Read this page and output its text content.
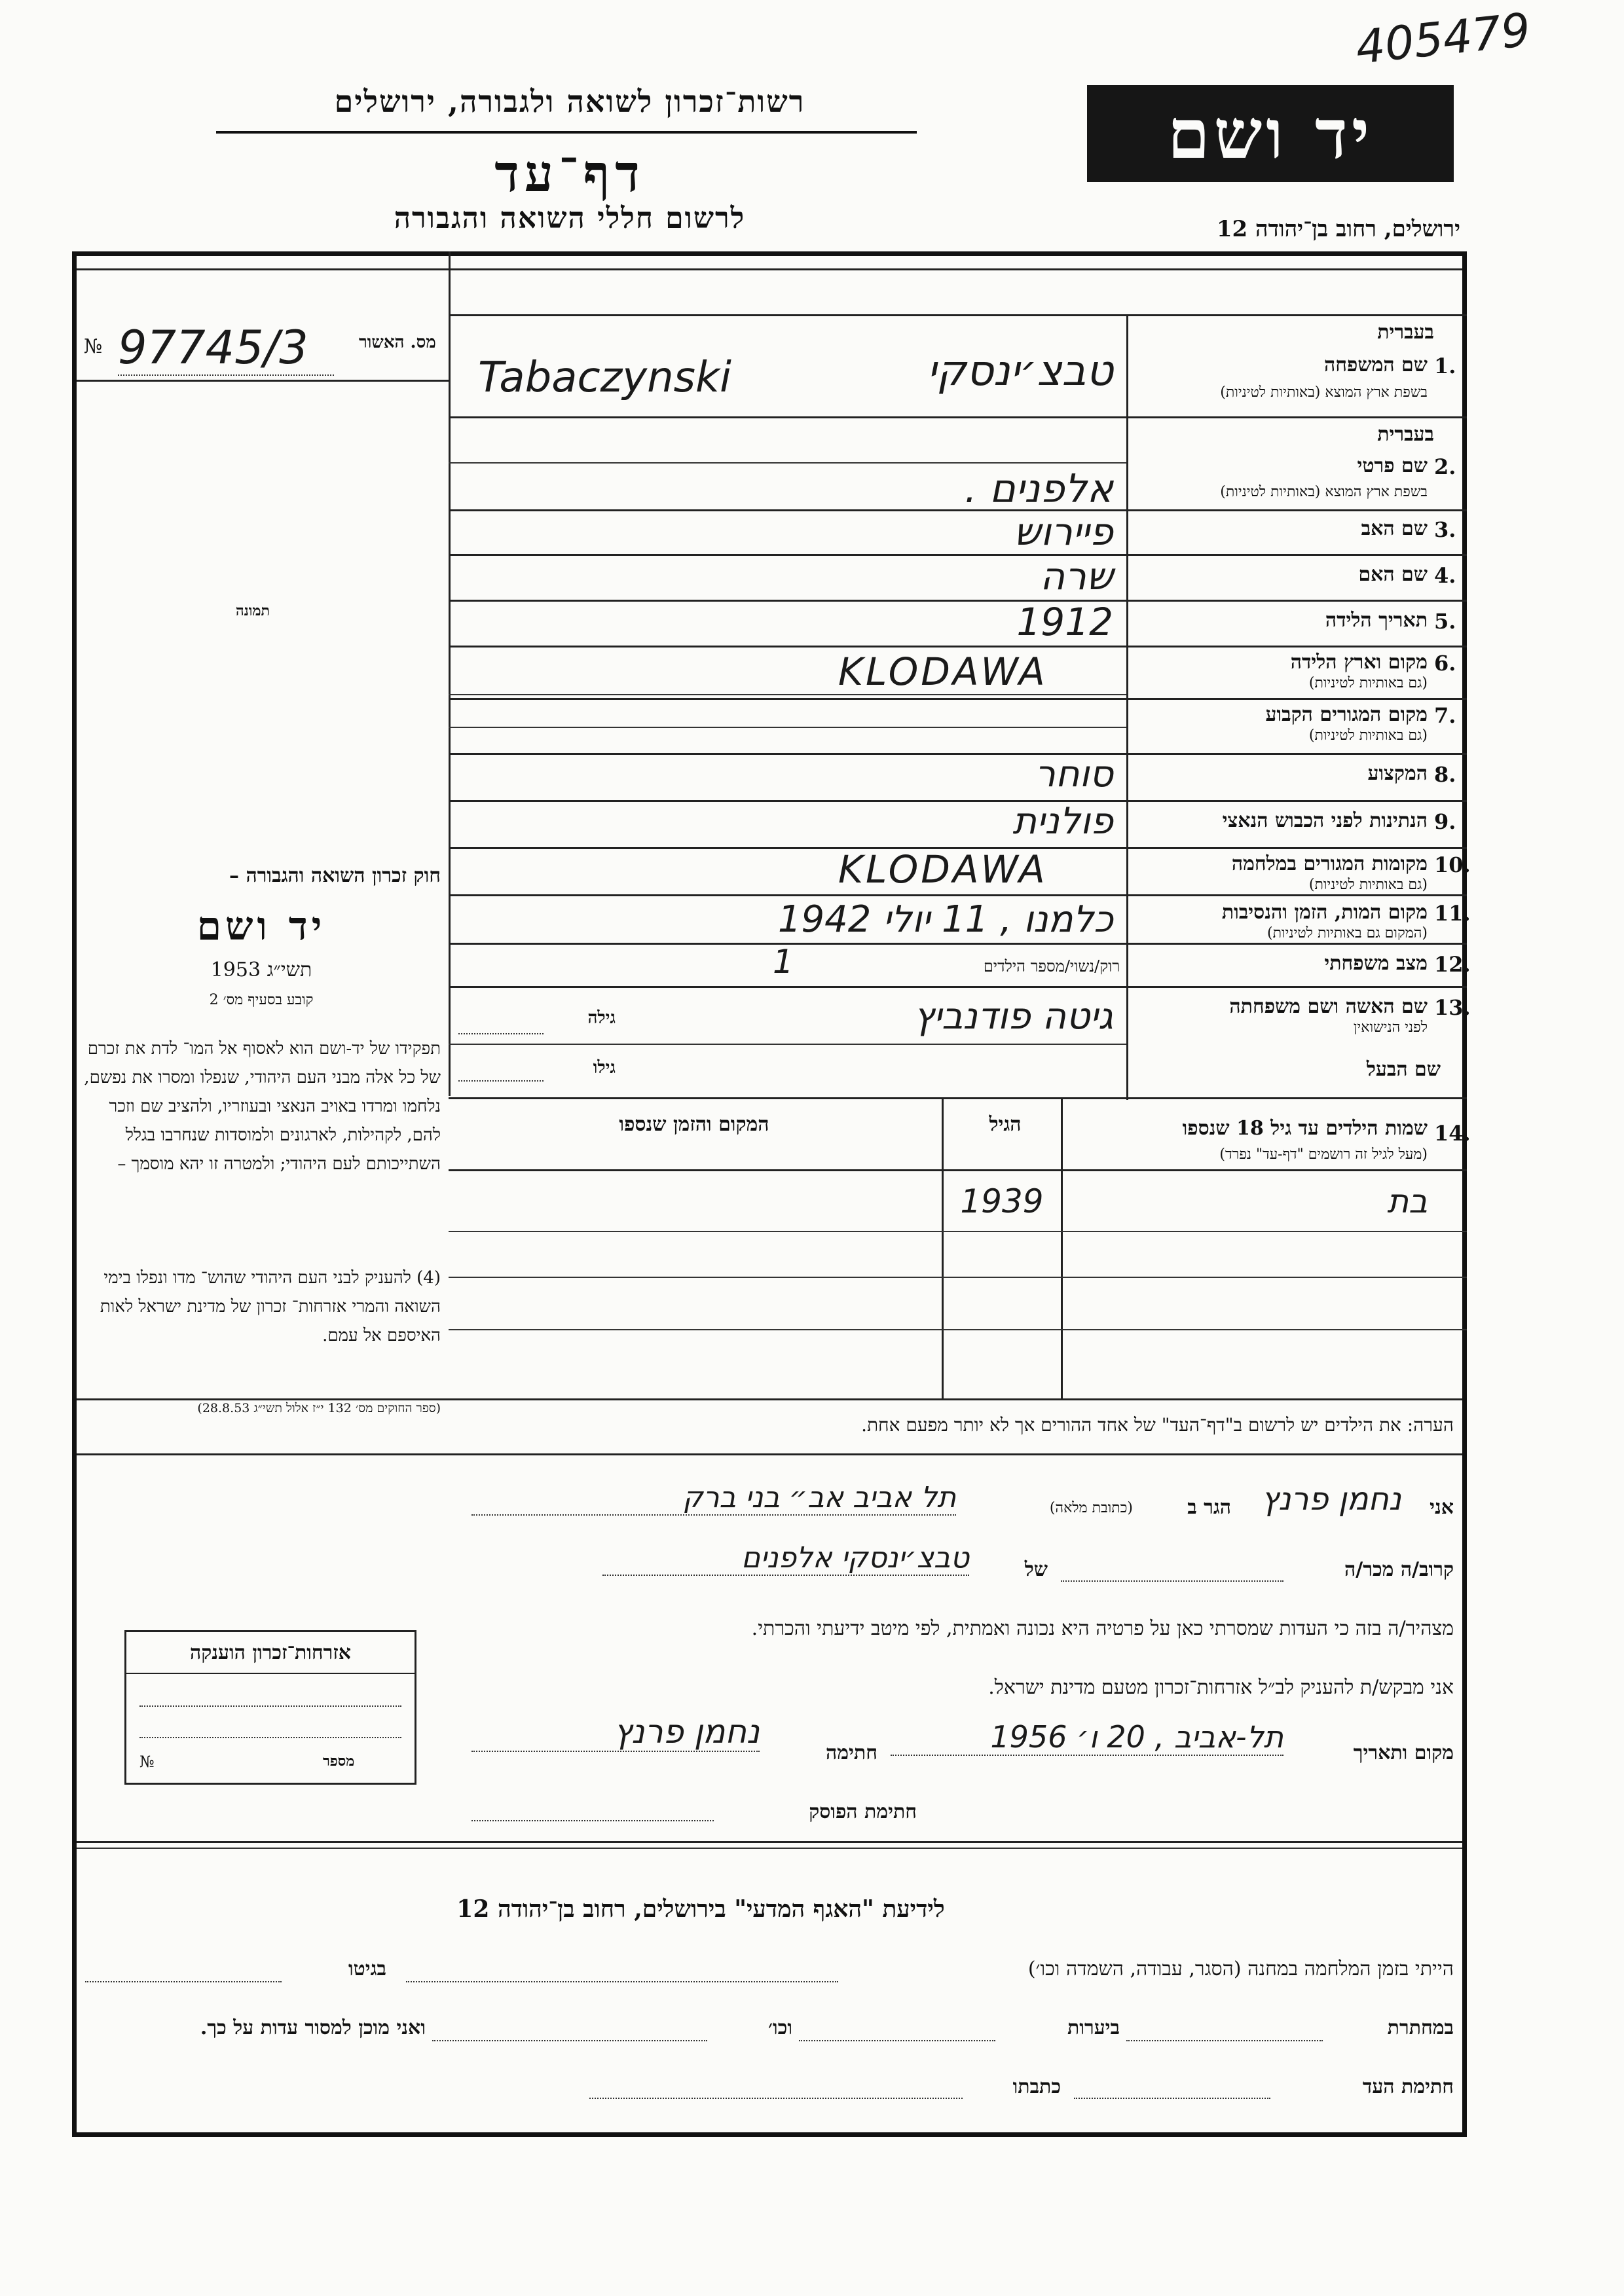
405479
רשות־זכרון לשואה ולגבורה, ירושלים
דף־עד
לרשום חללי השואה והגבורה
יד ושם
ירושלים, רחוב בן־יהודה 12
מס. האשור
№ 97745/3
תמונה
חוק זכרון השואה והגבורה –
יד ושם
תשי״ג 1953
קובע בסעיף מס׳ 2
תפקידו של יד-ושם הוא לאסוף אל המו־ לדת את זכרם של כל אלה מבני העם היהודי, שנפלו ומסרו את נפשם, נלחמו ומרדו באויב הנאצי ובעוזריו, ולהציב שם וזכר להם, לקהילות, לארגונים ולמוסדות שנחרבו בגלל השתייכותם לעם היהודי; ולמטרה זו יהא מוסמך –
(4) להעניק לבני העם היהודי שהוש־ מדו ונפלו בימי השואה והמרי אזרחות־ זכרון של מדינת ישראל לאות האיספם אל עמם.
(ספר החוקים מס׳ 132 י״ז אלול תשי״ג 28.8.53)
בעברית
1.
שם המשפחה
בשפת ארץ המוצא (באותיות לטיניות)
טבצ׳ינסקי
Tabaczynski
בעברית
2.
שם פרטי
בשפת ארץ המוצא (באותיות לטיניות)
אלפנים .
3.
שם האב
פיירוש
4.
שם האם
שרה
5.
תאריך הלידה
1912
6.
מקום וארץ הלידה
(גם באותיות לטיניות)
KLODAWA
7.
מקום המגורים הקבוע
(גם באותיות לטיניות)
8.
המקצוע
סוחר
9.
הנתינות לפני הכבוש הנאצי
פולנית
10.
מקומות המגורים במלחמה
(גם באותיות לטיניות)
KLODAWA
11.
מקום המות, הזמן והנסיבות
(המקום גם באותיות לטיניות)
כלמנו , 11 יולי 1942
12.
מצב משפחתי
רוק/נשוי/מספר הילדים
1
13.
שם האשה ושם משפחתה
לפני הנישואין
גילה	גיטה פודנביץ
שם הבעל
גילו
14.
שמות הילדים עד גיל 18 שנספו
(מעל לגיל זה רושמים "דף-עד" נפרד)
הגיל
המקום והזמן שנספו
בת
1939
הערה: את הילדים יש לרשום ב"דף־העד" של אחד ההורים אך לא יותר מפעם אחת.
אני
נחמן פרנץ
הגר ב
(כתובת מלאה)
תל אביב אב״ בני ברק
קרוב/ה מכר/ה
של
טבצ׳ינסקי אלפנים
מצהיר/ה בזה כי העדות שמסרתי כאן על פרטיה היא נכונה ואמתית, לפי מיטב ידיעתי והכרתי.
אני מבקש/ת להעניק לב״ל אזרחות־זכרון מטעם מדינת ישראל.
מקום ותאריך
תל-אביב , 20 ו׳ 1956
חתימה
נחמן פרנץ
חתימת הפוסק
אזרחות־זכרון הוענקה
מספר
№
לידיעת "האגף המדעי" בירושלים, רחוב בן־יהודה 12
הייתי בזמן המלחמה במחנה (הסגר, עבודה, השמדה וכו׳)
בגיטו
במחתרת
ביערות
וכו׳
ואני מוכן למסור עדות על כך.
חתימת העד
כתבתו
